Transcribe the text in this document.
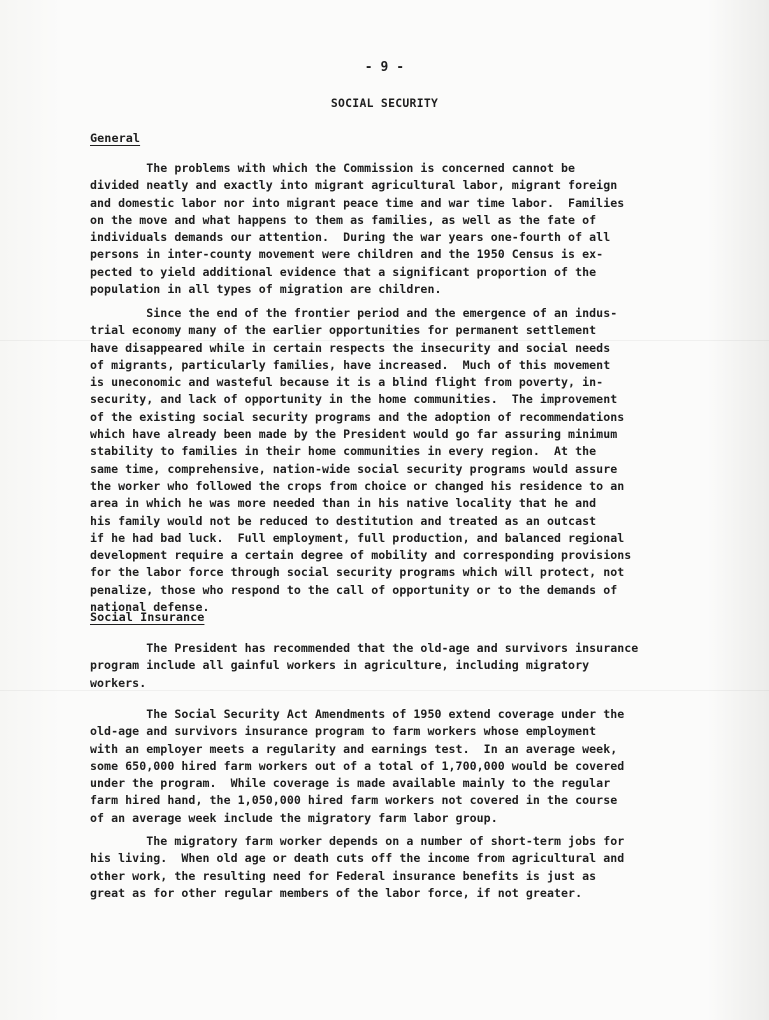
- 9 -
SOCIAL SECURITY
General
The problems with which the Commission is concerned cannot be
divided neatly and exactly into migrant agricultural labor, migrant foreign
and domestic labor nor into migrant peace time and war time labor.  Families
on the move and what happens to them as families, as well as the fate of
individuals demands our attention.  During the war years one-fourth of all
persons in inter-county movement were children and the 1950 Census is ex-
pected to yield additional evidence that a significant proportion of the
population in all types of migration are children.
Since the end of the frontier period and the emergence of an indus-
trial economy many of the earlier opportunities for permanent settlement
have disappeared while in certain respects the insecurity and social needs
of migrants, particularly families, have increased.  Much of this movement
is uneconomic and wasteful because it is a blind flight from poverty, in-
security, and lack of opportunity in the home communities.  The improvement
of the existing social security programs and the adoption of recommendations
which have already been made by the President would go far assuring minimum
stability to families in their home communities in every region.  At the
same time, comprehensive, nation-wide social security programs would assure
the worker who followed the crops from choice or changed his residence to an
area in which he was more needed than in his native locality that he and
his family would not be reduced to destitution and treated as an outcast
if he had bad luck.  Full employment, full production, and balanced regional
development require a certain degree of mobility and corresponding provisions
for the labor force through social security programs which will protect, not
penalize, those who respond to the call of opportunity or to the demands of
national defense.
Social Insurance
The President has recommended that the old-age and survivors insurance
program include all gainful workers in agriculture, including migratory
workers.
The Social Security Act Amendments of 1950 extend coverage under the
old-age and survivors insurance program to farm workers whose employment
with an employer meets a regularity and earnings test.  In an average week,
some 650,000 hired farm workers out of a total of 1,700,000 would be covered
under the program.  While coverage is made available mainly to the regular
farm hired hand, the 1,050,000 hired farm workers not covered in the course
of an average week include the migratory farm labor group.
The migratory farm worker depends on a number of short-term jobs for
his living.  When old age or death cuts off the income from agricultural and
other work, the resulting need for Federal insurance benefits is just as
great as for other regular members of the labor force, if not greater.
